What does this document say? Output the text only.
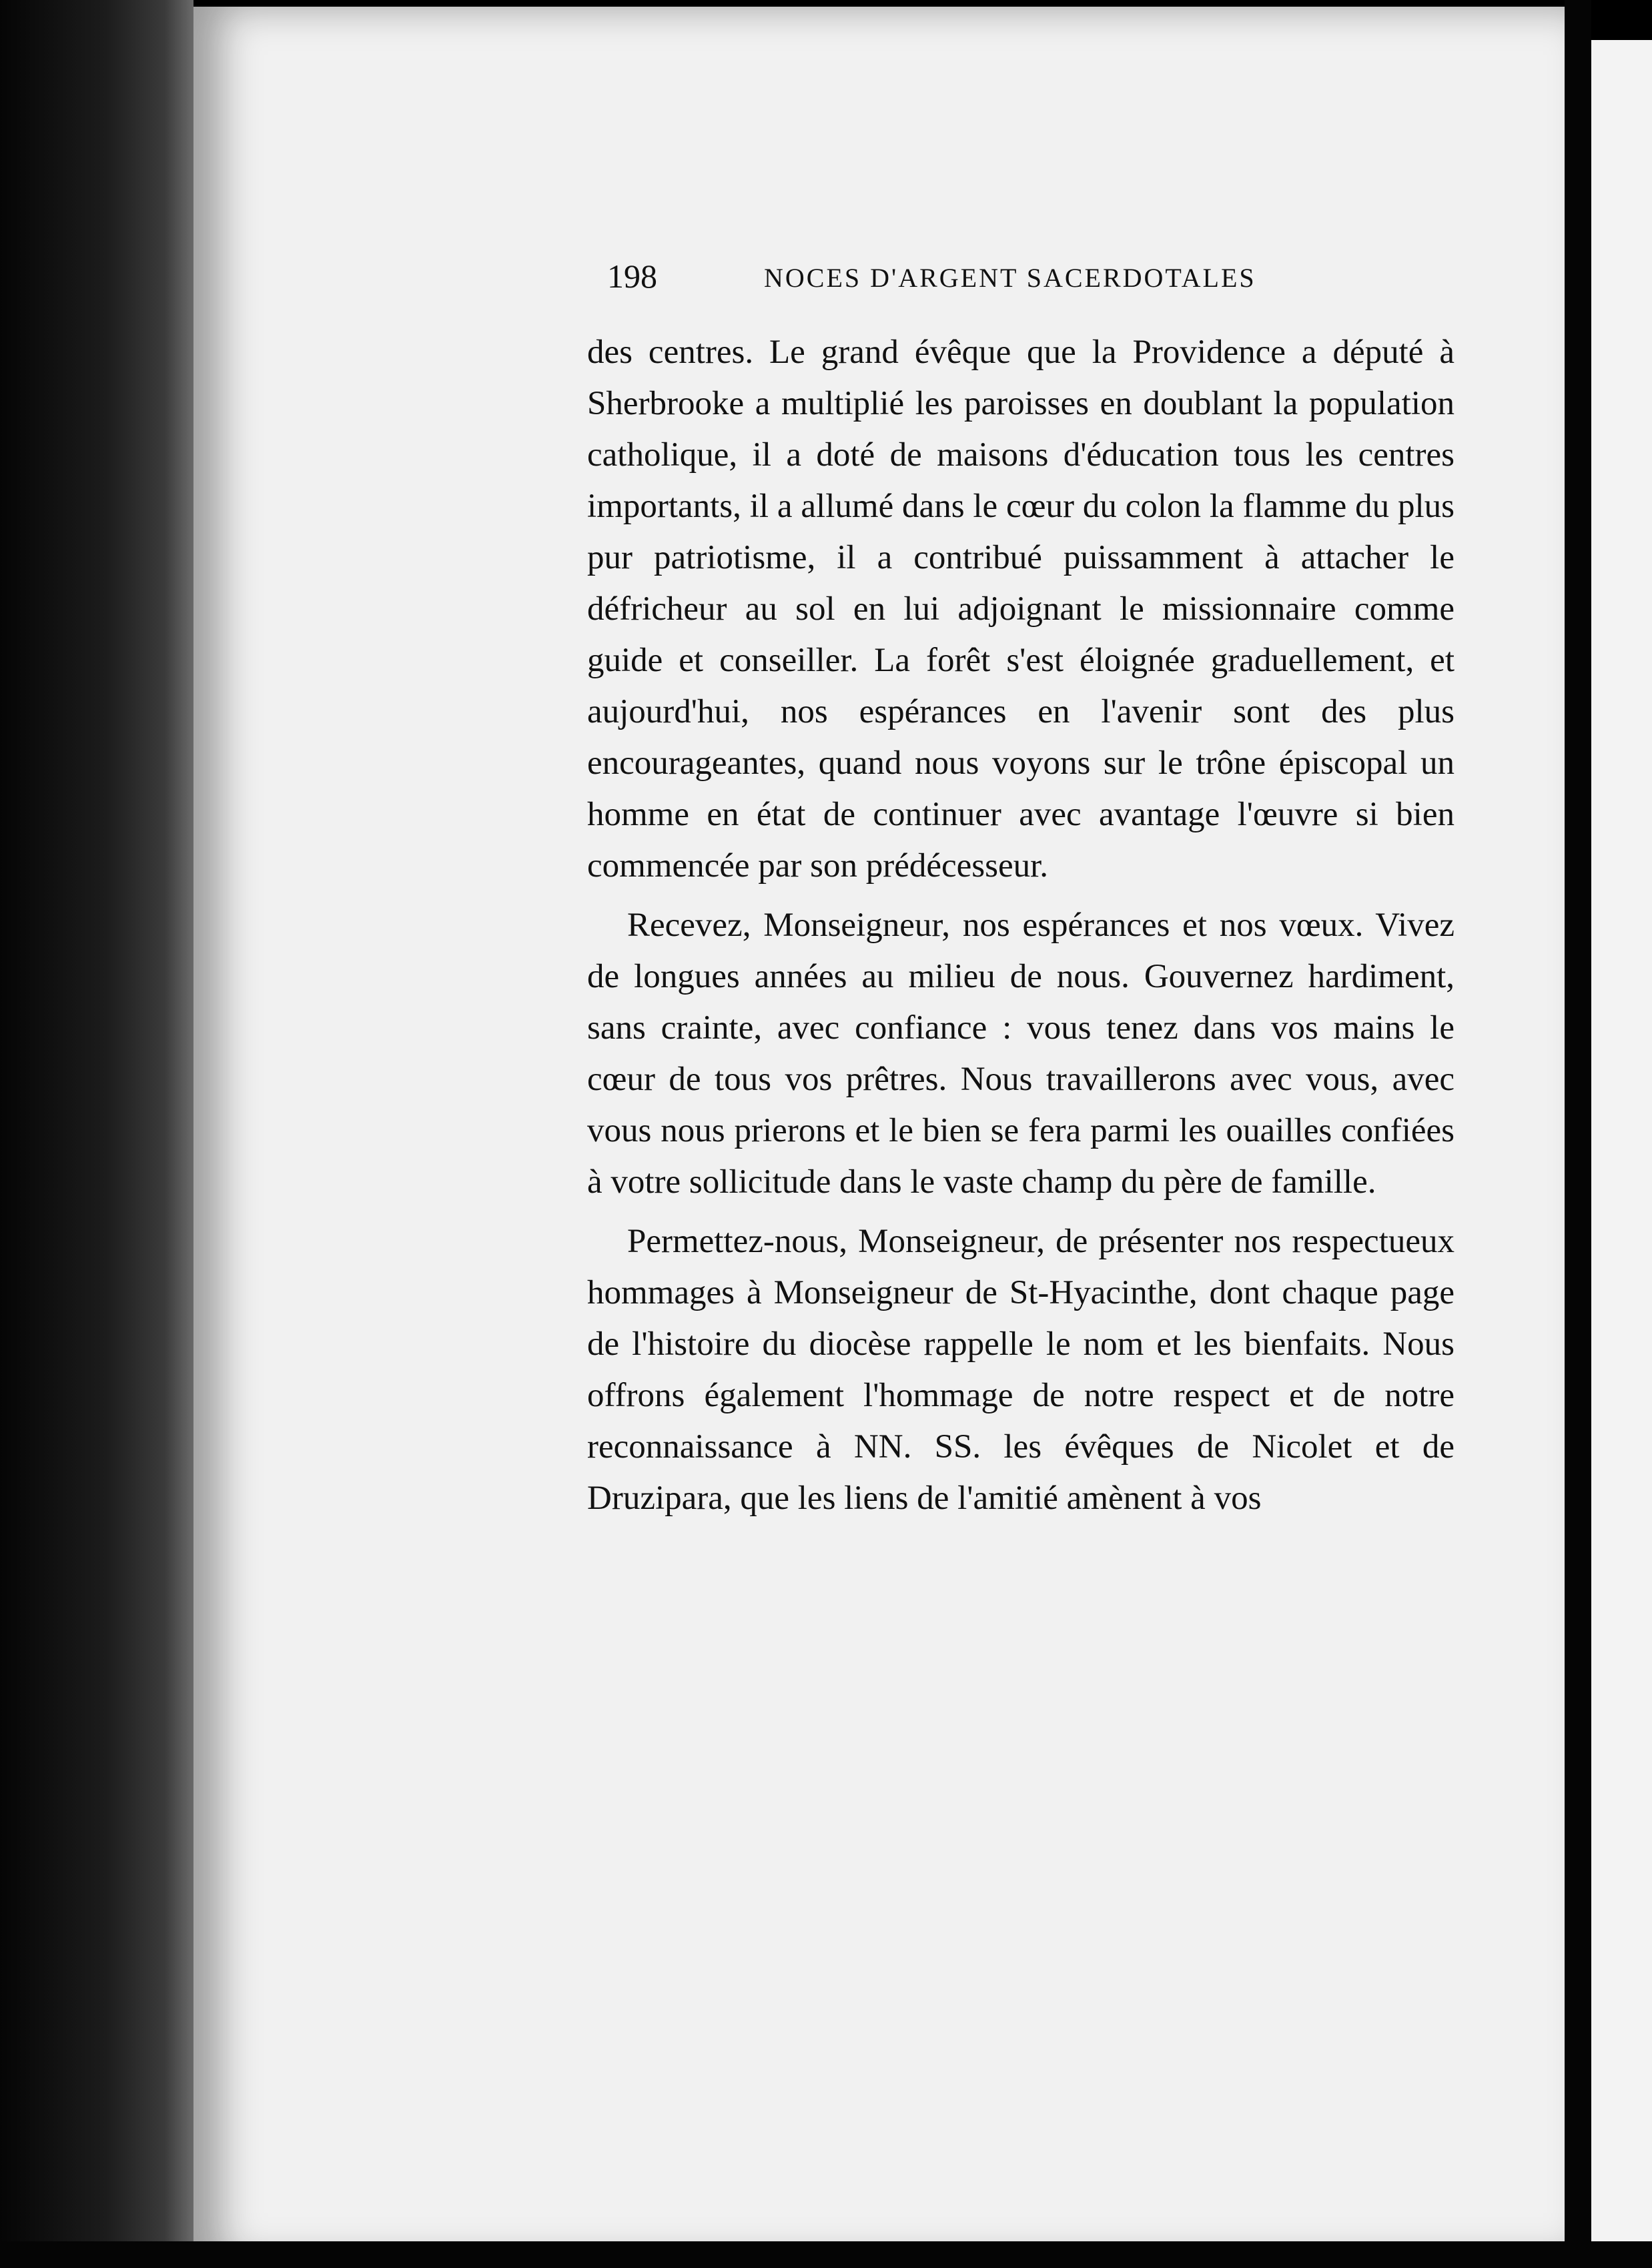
198	NOCES D'ARGENT SACERDOTALES

des centres. Le grand évêque que la Providence a député à Sherbrooke a multiplié les paroisses en doublant la population catholique, il a doté de maisons d'éducation tous les centres importants, il a allumé dans le cœur du colon la flamme du plus pur patriotisme, il a contribué puissamment à attacher le défricheur au sol en lui adjoignant le missionnaire comme guide et conseiller. La forêt s'est éloignée graduellement, et aujourd'hui, nos espérances en l'avenir sont des plus encourageantes, quand nous voyons sur le trône épiscopal un homme en état de continuer avec avantage l'œuvre si bien commencée par son prédécesseur.

Recevez, Monseigneur, nos espérances et nos vœux. Vivez de longues années au milieu de nous. Gouvernez hardiment, sans crainte, avec confiance : vous tenez dans vos mains le cœur de tous vos prêtres. Nous travaillerons avec vous, avec vous nous prierons et le bien se fera parmi les ouailles confiées à votre sollicitude dans le vaste champ du père de famille.

Permettez-nous, Monseigneur, de présenter nos respectueux hommages à Monseigneur de St-Hyacinthe, dont chaque page de l'histoire du diocèse rappelle le nom et les bienfaits. Nous offrons également l'hommage de notre respect et de notre reconnaissance à NN. SS. les évêques de Nicolet et de Druzipara, que les liens de l'amitié amènent à vos
